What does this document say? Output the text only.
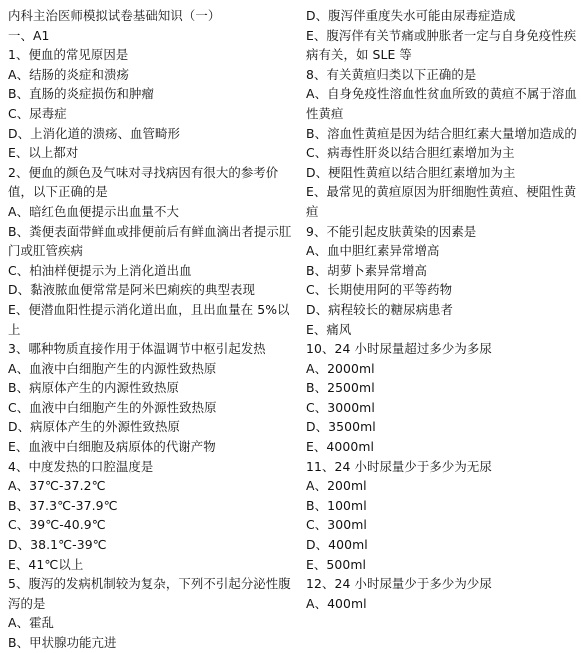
内科主治医师模拟试卷基础知识（一）

一、A1

1、便血的常见原因是

A、结肠的炎症和溃疡

B、直肠的炎症损伤和肿瘤

C、尿毒症

D、上消化道的溃疡、血管畸形

E、以上都对

2、便血的颜色及气味对寻找病因有很大的参考价值，以下正确的是

A、暗红色血便提示出血量不大

B、粪便表面带鲜血或排便前后有鲜血滴出者提示肛门或肛管疾病

C、柏油样便提示为上消化道出血

D、黏液脓血便常常是阿米巴痢疾的典型表现

E、便潜血阳性提示消化道出血，且出血量在 5%以上

3、哪种物质直接作用于体温调节中枢引起发热

A、血液中白细胞产生的内源性致热原

B、病原体产生的内源性致热原

C、血液中白细胞产生的外源性致热原

D、病原体产生的外源性致热原

E、血液中白细胞及病原体的代谢产物

4、中度发热的口腔温度是

A、37℃-37.2℃

B、37.3℃-37.9℃

C、39℃-40.9℃

D、38.1℃-39℃

E、41℃以上

5、腹泻的发病机制较为复杂，下列不引起分泌性腹泻的是

A、霍乱

B、甲状腺功能亢进

D、腹泻伴重度失水可能由尿毒症造成

E、腹泻伴有关节痛或肿胀者一定与自身免疫性疾病有关，如 SLE 等

8、有关黄疸归类以下正确的是

A、自身免疫性溶血性贫血所致的黄疸不属于溶血性黄疸

B、溶血性黄疸是因为结合胆红素大量增加造成的

C、病毒性肝炎以结合胆红素增加为主

D、梗阻性黄疸以结合胆红素增加为主

E、最常见的黄疸原因为肝细胞性黄疸、梗阻性黄疸

9、不能引起皮肤黄染的因素是

A、血中胆红素异常增高

B、胡萝卜素异常增高

C、长期使用阿的平等药物

D、病程较长的糖尿病患者

E、痛风

10、24 小时尿量超过多少为多尿

A、2000ml

B、2500ml

C、3000ml

D、3500ml

E、4000ml

11、24 小时尿量少于多少为无尿

A、200ml

B、100ml

C、300ml

D、400ml

E、500ml

12、24 小时尿量少于多少为少尿

A、400ml
